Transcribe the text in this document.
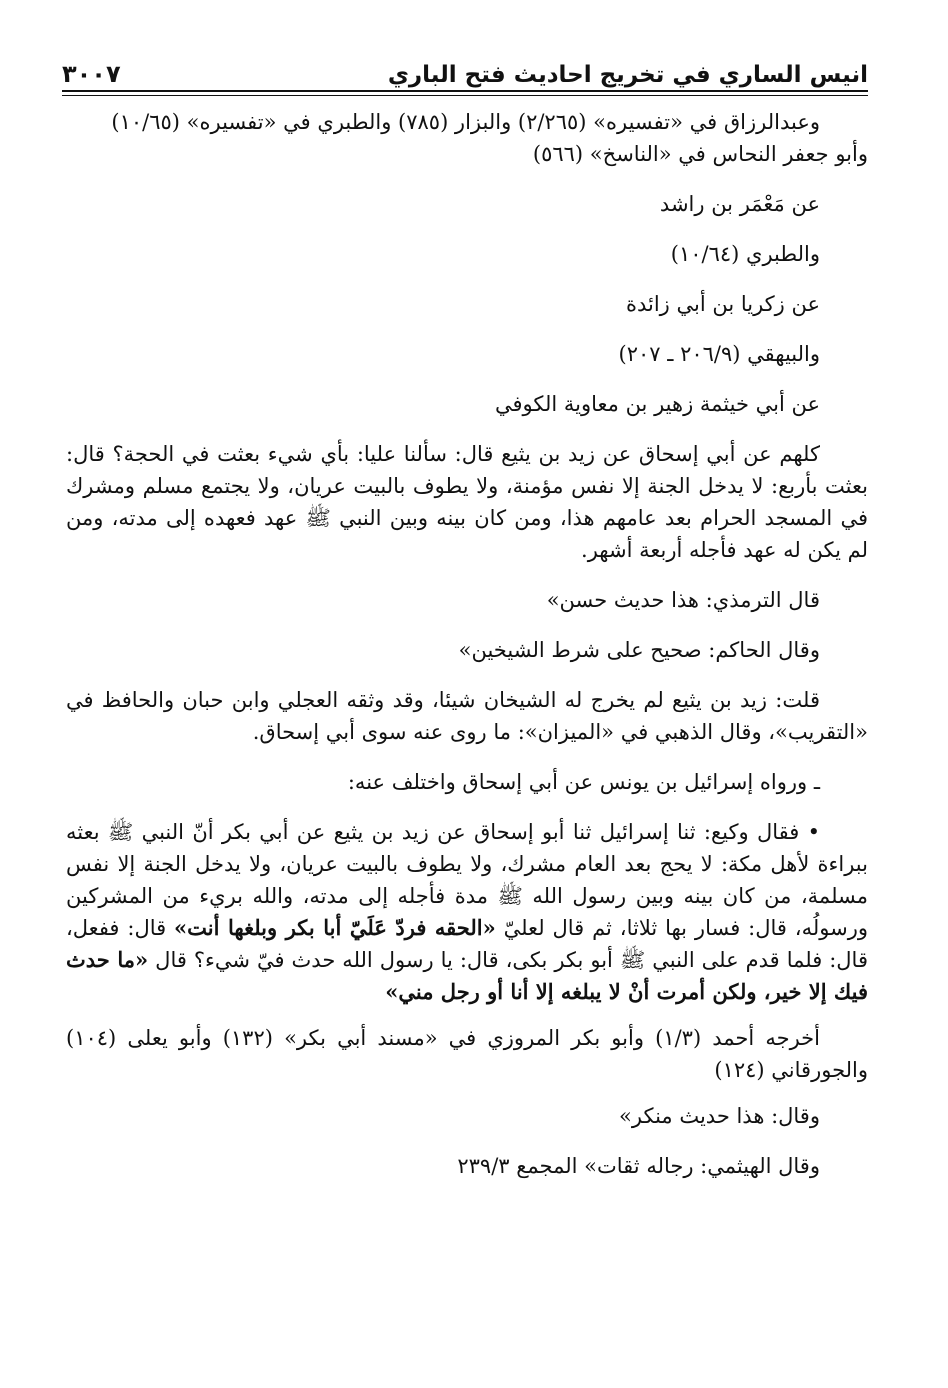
انيس الساري في تخريج احاديث فتح الباري
٣٠٠٧

وعبدالرزاق في «تفسيره» (٢/٢٦٥) والبزار (٧٨٥) والطبري في «تفسيره» (١٠/٦٥)
وأبو جعفر النحاس في «الناسخ» (٥٦٦)

عن مَعْمَر بن راشد

والطبري (١٠/٦٤)

عن زكريا بن أبي زائدة

والبيهقي (٢٠٦/٩ ـ ٢٠٧)

عن أبي خيثمة زهير بن معاوية الكوفي

كلهم عن أبي إسحاق عن زيد بن يثيع قال: سألنا عليا: بأي شيء بعثت في الحجة؟ قال: بعثت بأربع: لا يدخل الجنة إلا نفس مؤمنة، ولا يطوف بالبيت عريان، ولا يجتمع مسلم ومشرك في المسجد الحرام بعد عامهم هذا، ومن كان بينه وبين النبي ﷺ عهد فعهده إلى مدته، ومن لم يكن له عهد فأجله أربعة أشهر.

قال الترمذي: هذا حديث حسن»

وقال الحاكم: صحيح على شرط الشيخين»

قلت: زيد بن يثيع لم يخرج له الشيخان شيئا، وقد وثقه العجلي وابن حبان والحافظ في «التقريب»، وقال الذهبي في «الميزان»: ما روى عنه سوى أبي إسحاق.

ـ ورواه إسرائيل بن يونس عن أبي إسحاق واختلف عنه:

• فقال وكيع: ثنا إسرائيل ثنا أبو إسحاق عن زيد بن يثيع عن أبي بكر أنّ النبي ﷺ بعثه ببراءة لأهل مكة: لا يحج بعد العام مشرك، ولا يطوف بالبيت عريان، ولا يدخل الجنة إلا نفس مسلمة، من كان بينه وبين رسول الله ﷺ مدة فأجله إلى مدته، والله بريء من المشركين ورسولُه، قال: فسار بها ثلاثا، ثم قال لعليّ «الحقه فردّ عَلَيّ أبا بكر وبلغها أنت» قال: ففعل، قال: فلما قدم على النبي ﷺ أبو بكر بكى، قال: يا رسول الله حدث فيّ شيء؟ قال «ما حدث فيك إلا خير، ولكن أمرت أنْ لا يبلغه إلا أنا أو رجل مني»

أخرجه أحمد (١/٣) وأبو بكر المروزي في «مسند أبي بكر» (١٣٢) وأبو يعلى (١٠٤) والجورقاني (١٢٤)

وقال: هذا حديث منكر»

وقال الهيثمي: رجاله ثقات» المجمع ٢٣٩/٣
